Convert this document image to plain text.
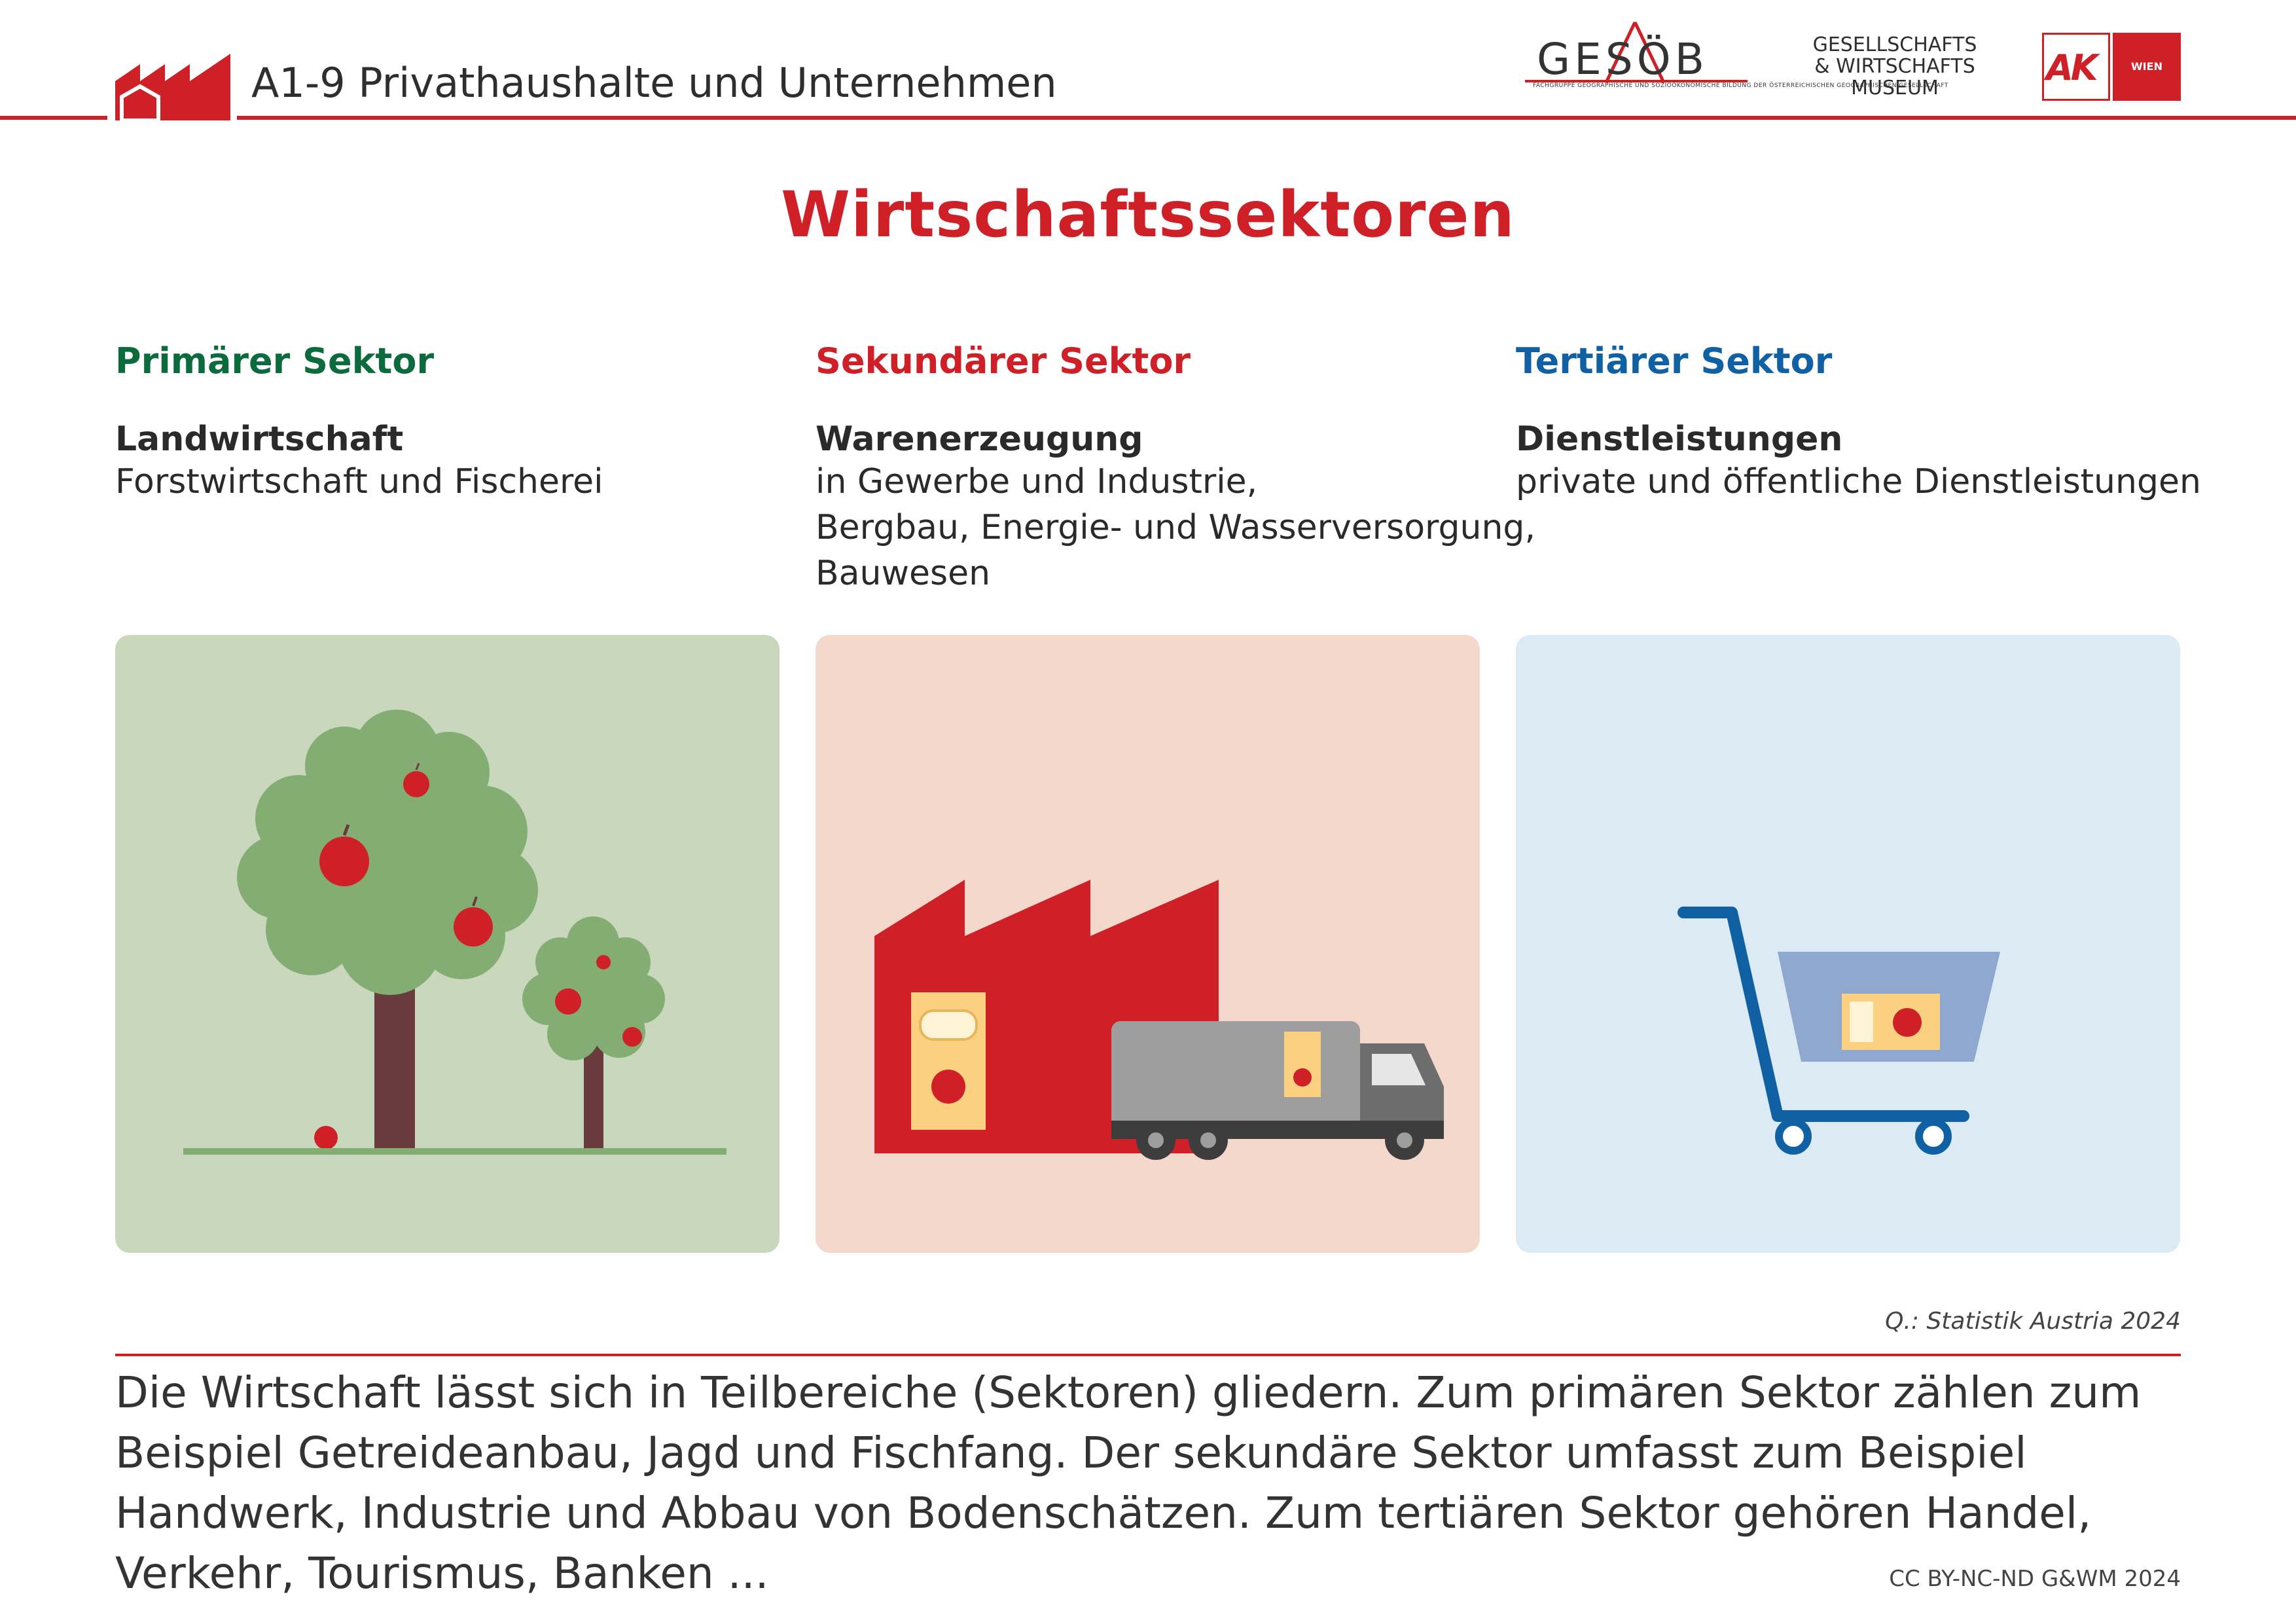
A1-9 Privathaushalte und Unternehmen	GESÖB
FACHGRUPPE GEOGRAPHISCHE UND SOZIOÖKONOMISCHE BILDUNG DER ÖSTERREICHISCHEN GEOGRAPHISCHEN GESELLSCHAFT
GESELLSCHAFTS
& WIRTSCHAFTS
MUSEUM	AK	WIEN
Wirtschaftssektoren
Primärer Sektor
Landwirtschaft
Forstwirtschaft und Fischerei
Sekundärer Sektor
Warenerzeugung
in Gewerbe und Industrie,
Bergbau, Energie- und Wasserversorgung,
Bauwesen
Tertiärer Sektor
Dienstleistungen
private und öffentliche Dienstleistungen
Q.: Statistik Austria 2024
Die Wirtschaft lässt sich in Teilbereiche (Sektoren) gliedern. Zum primären Sektor zählen zum Beispiel Getreideanbau, Jagd und Fischfang. Der sekundäre Sektor umfasst zum Beispiel Handwerk, Industrie und Abbau von Bodenschätzen. Zum tertiären Sektor gehören Handel, Verkehr, Tourismus, Banken ...	CC BY-NC-ND G&WM 2024
